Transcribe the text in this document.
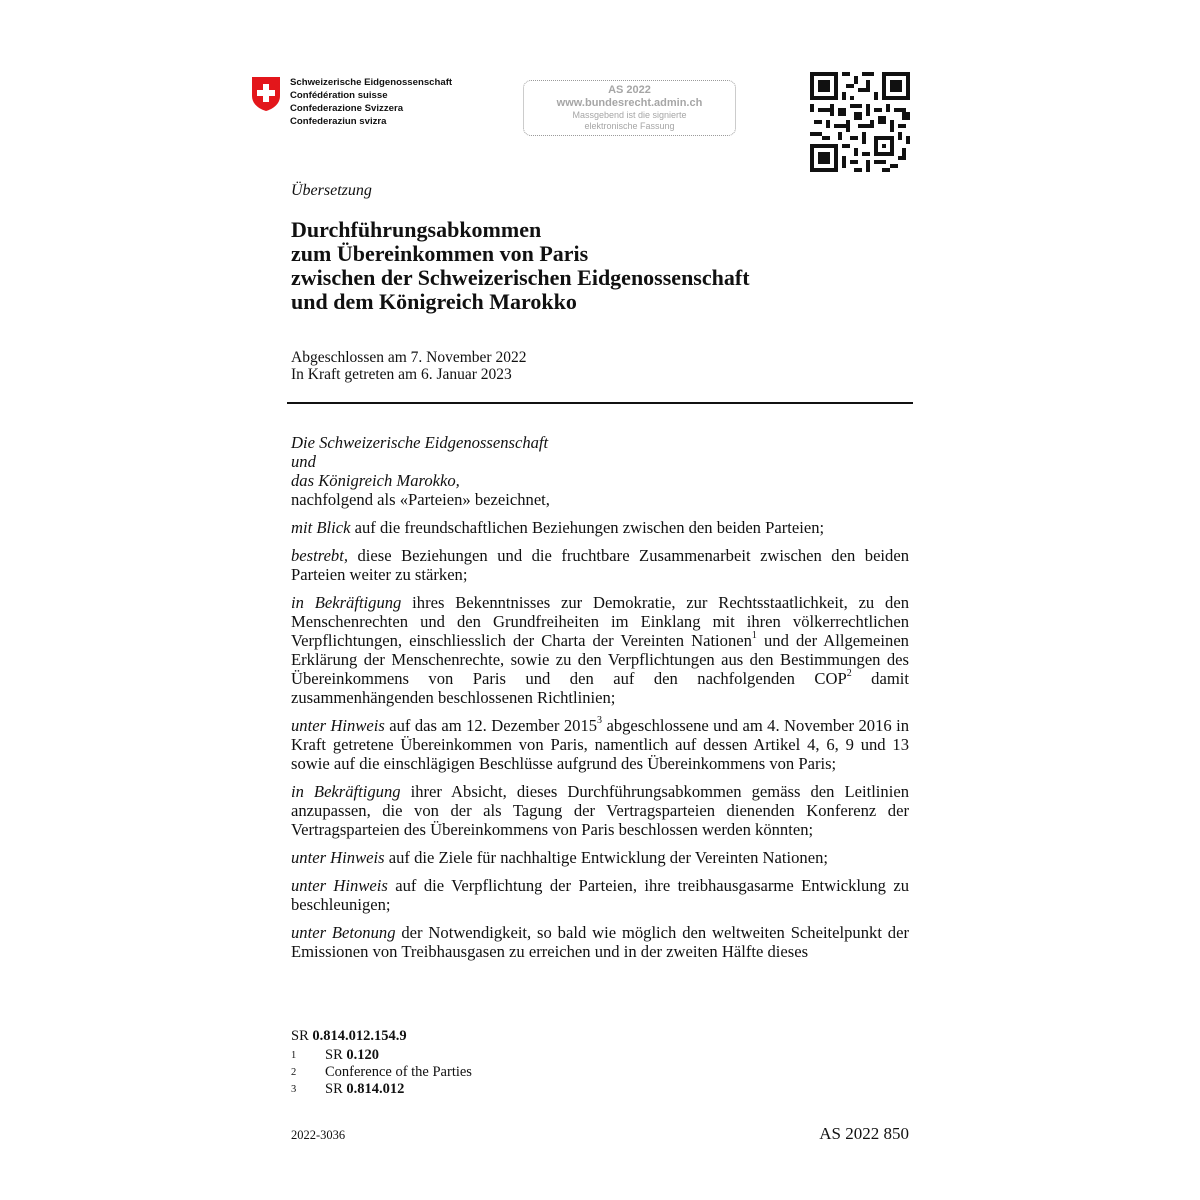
Schweizerische Eidgenossenschaft
Confédération suisse
Confederazione Svizzera
Confederaziun svizra
AS 2022
www.bundesrecht.admin.ch
Massgebend ist die signierte
elektronische Fassung
Übersetzung
Durchführungsabkommen
zum Übereinkommen von Paris
zwischen der Schweizerischen Eidgenossenschaft
und dem Königreich Marokko
Abgeschlossen am 7. November 2022
In Kraft getreten am 6. Januar 2023

Die Schweizerische Eidgenossenschaft

und

das Königreich Marokko,

nachfolgend als «Parteien» bezeichnet,

mit Blick auf die freundschaftlichen Beziehungen zwischen den beiden Parteien;

bestrebt, diese Beziehungen und die fruchtbare Zusammenarbeit zwischen den beiden Parteien weiter zu stärken;

in Bekräftigung ihres Bekenntnisses zur Demokratie, zur Rechtsstaatlichkeit, zu den Menschenrechten und den Grundfreiheiten im Einklang mit ihren völkerrechtlichen Verpflichtungen, einschliesslich der Charta der Vereinten Nationen$^1$ und der Allgemeinen Erklärung der Menschenrechte, sowie zu den Verpflichtungen aus den Bestimmungen des Übereinkommens von Paris und den auf den nachfolgenden COP$^2$ damit zusammenhängenden beschlossenen Richtlinien;

unter Hinweis auf das am 12. Dezember 2015$^3$ abgeschlossene und am 4. November 2016 in Kraft getretene Übereinkommen von Paris, namentlich auf dessen Artikel 4, 6, 9 und 13 sowie auf die einschlägigen Beschlüsse aufgrund des Übereinkommens von Paris;

in Bekräftigung ihrer Absicht, dieses Durchführungsabkommen gemäss den Leitlinien anzupassen, die von der als Tagung der Vertragsparteien dienenden Konferenz der Vertragsparteien des Übereinkommens von Paris beschlossen werden könnten;

unter Hinweis auf die Ziele für nachhaltige Entwicklung der Vereinten Nationen;

unter Hinweis auf die Verpflichtung der Parteien, ihre treibhausgasarme Entwicklung zu beschleunigen;

unter Betonung der Notwendigkeit, so bald wie möglich den weltweiten Scheitelpunkt der Emissionen von Treibhausgasen zu erreichen und in der zweiten Hälfte dieses

SR 0.814.012.154.9
1	SR 0.120
2	Conference of the Parties
3	SR 0.814.012
2022-3036	AS 2022 850
